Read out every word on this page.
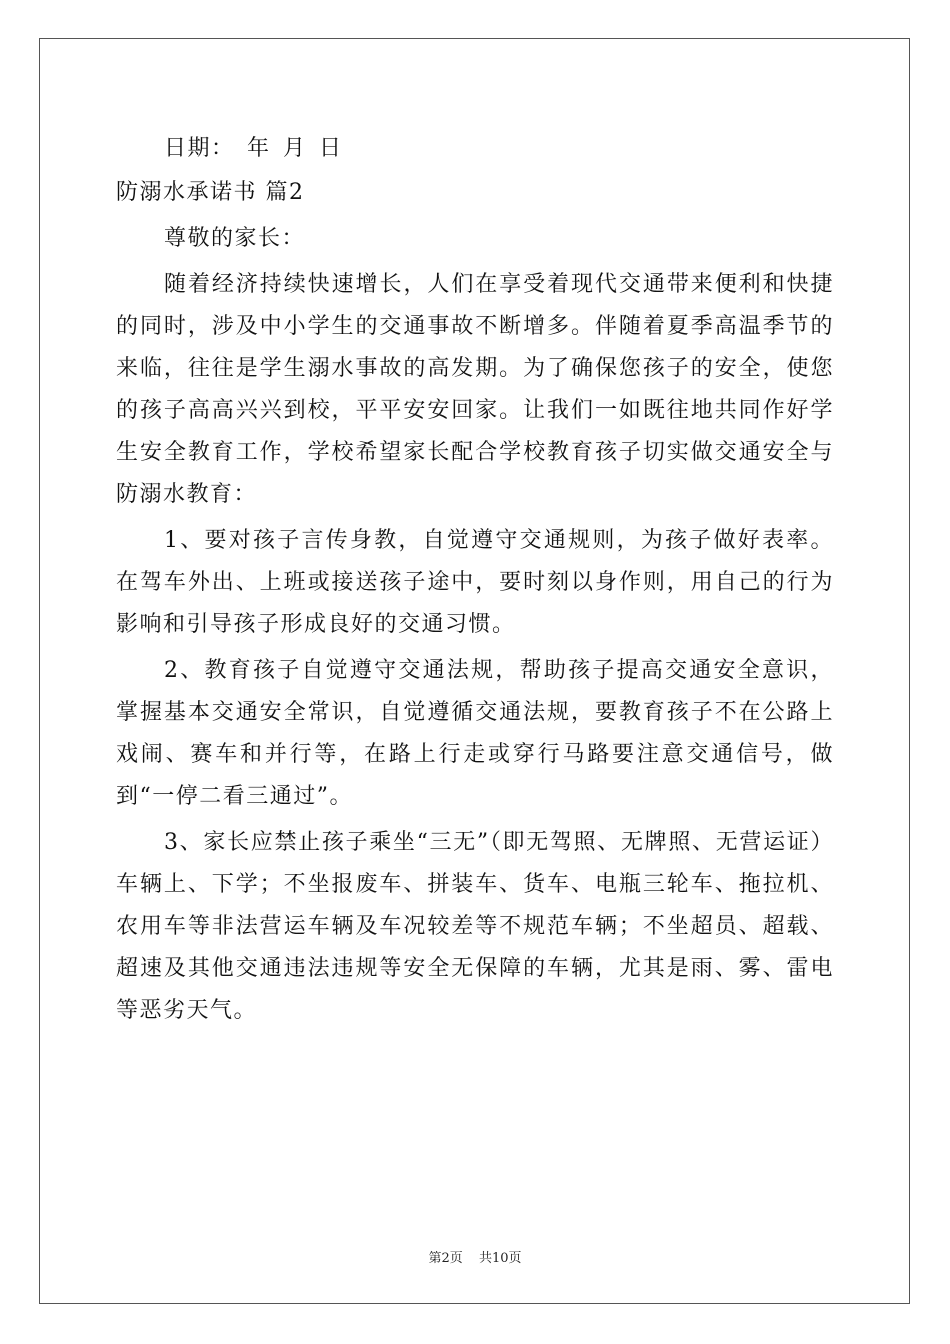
日期： 年 月 日

防溺水承诺书 篇2

尊敬的家长：

随着经济持续快速增长，人们在享受着现代交通带来便利和快捷的同时，涉及中小学生的交通事故不断增多。伴随着夏季高温季节的来临，往往是学生溺水事故的高发期。为了确保您孩子的安全，使您的孩子高高兴兴到校，平平安安回家。让我们一如既往地共同作好学生安全教育工作，学校希望家长配合学校教育孩子切实做交通安全与防溺水教育：

1、要对孩子言传身教，自觉遵守交通规则，为孩子做好表率。在驾车外出、上班或接送孩子途中，要时刻以身作则，用自己的行为影响和引导孩子形成良好的交通习惯。

2、教育孩子自觉遵守交通法规，帮助孩子提高交通安全意识，掌握基本交通安全常识，自觉遵循交通法规，要教育孩子不在公路上戏闹、赛车和并行等，在路上行走或穿行马路要注意交通信号，做到“一停二看三通过”。

3、家长应禁止孩子乘坐“三无”（即无驾照、无牌照、无营运证）车辆上、下学；不坐报废车、拼装车、货车、电瓶三轮车、拖拉机、农用车等非法营运车辆及车况较差等不规范车辆；不坐超员、超载、超速及其他交通违法违规等安全无保障的车辆，尤其是雨、雾、雷电等恶劣天气。

第2页 共10页
